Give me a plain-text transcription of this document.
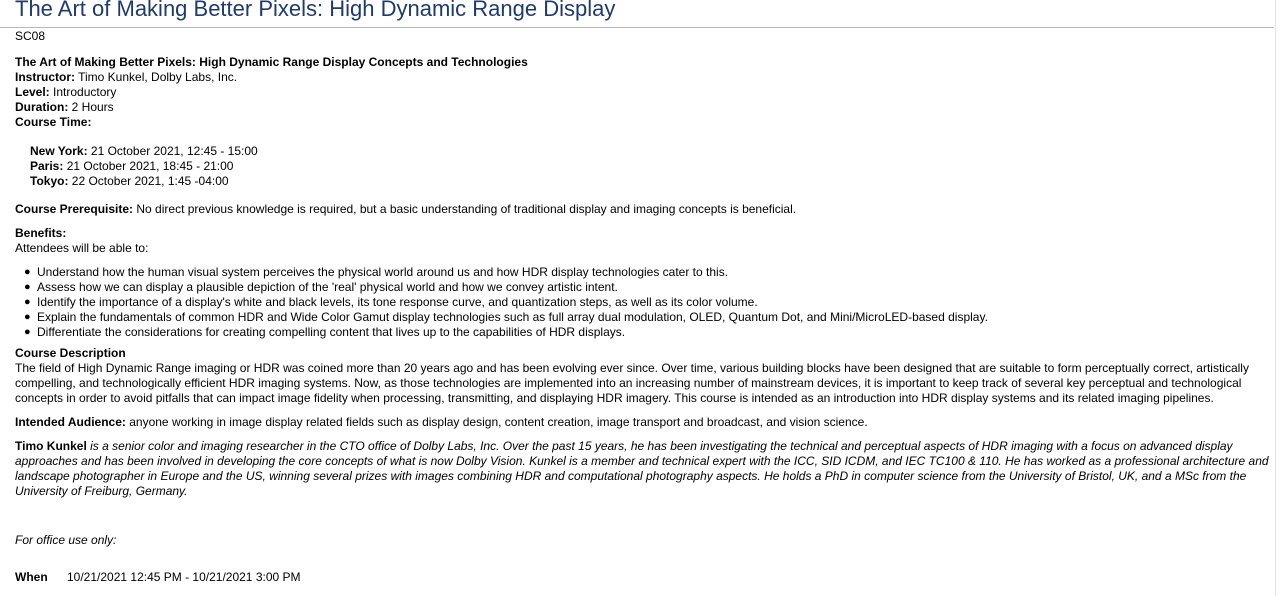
The Art of Making Better Pixels: High Dynamic Range Display
SC08
The Art of Making Better Pixels: High Dynamic Range Display Concepts and Technologies
Instructor: Timo Kunkel, Dolby Labs, Inc.
Level: Introductory
Duration: 2 Hours
Course Time:
New York: 21 October 2021, 12:45 - 15:00
Paris: 21 October 2021, 18:45 - 21:00
Tokyo: 22 October 2021, 1:45 -04:00
Course Prerequisite: No direct previous knowledge is required, but a basic understanding of traditional display and imaging concepts is beneficial.
Benefits:
Attendees will be able to:
● Understand how the human visual system perceives the physical world around us and how HDR display technologies cater to this.
● Assess how we can display a plausible depiction of the 'real' physical world and how we convey artistic intent.
● Identify the importance of a display's white and black levels, its tone response curve, and quantization steps, as well as its color volume.
● Explain the fundamentals of common HDR and Wide Color Gamut display technologies such as full array dual modulation, OLED, Quantum Dot, and Mini/MicroLED-based display.
● Differentiate the considerations for creating compelling content that lives up to the capabilities of HDR displays.
Course Description
The field of High Dynamic Range imaging or HDR was coined more than 20 years ago and has been evolving ever since. Over time, various building blocks have been designed that are suitable to form perceptually correct, artistically compelling, and technologically efficient HDR imaging systems. Now, as those technologies are implemented into an increasing number of mainstream devices, it is important to keep track of several key perceptual and technological concepts in order to avoid pitfalls that can impact image fidelity when processing, transmitting, and displaying HDR imagery. This course is intended as an introduction into HDR display systems and its related imaging pipelines.
Intended Audience: anyone working in image display related fields such as display design, content creation, image transport and broadcast, and vision science.
Timo Kunkel is a senior color and imaging researcher in the CTO office of Dolby Labs, Inc. Over the past 15 years, he has been investigating the technical and perceptual aspects of HDR imaging with a focus on advanced display approaches and has been involved in developing the core concepts of what is now Dolby Vision. Kunkel is a member and technical expert with the ICC, SID ICDM, and IEC TC100 & 110. He has worked as a professional architecture and landscape photographer in Europe and the US, winning several prizes with images combining HDR and computational photography aspects. He holds a PhD in computer science from the University of Bristol, UK, and a MSc from the University of Freiburg, Germany.
For office use only:
When 10/21/2021 12:45 PM - 10/21/2021 3:00 PM
